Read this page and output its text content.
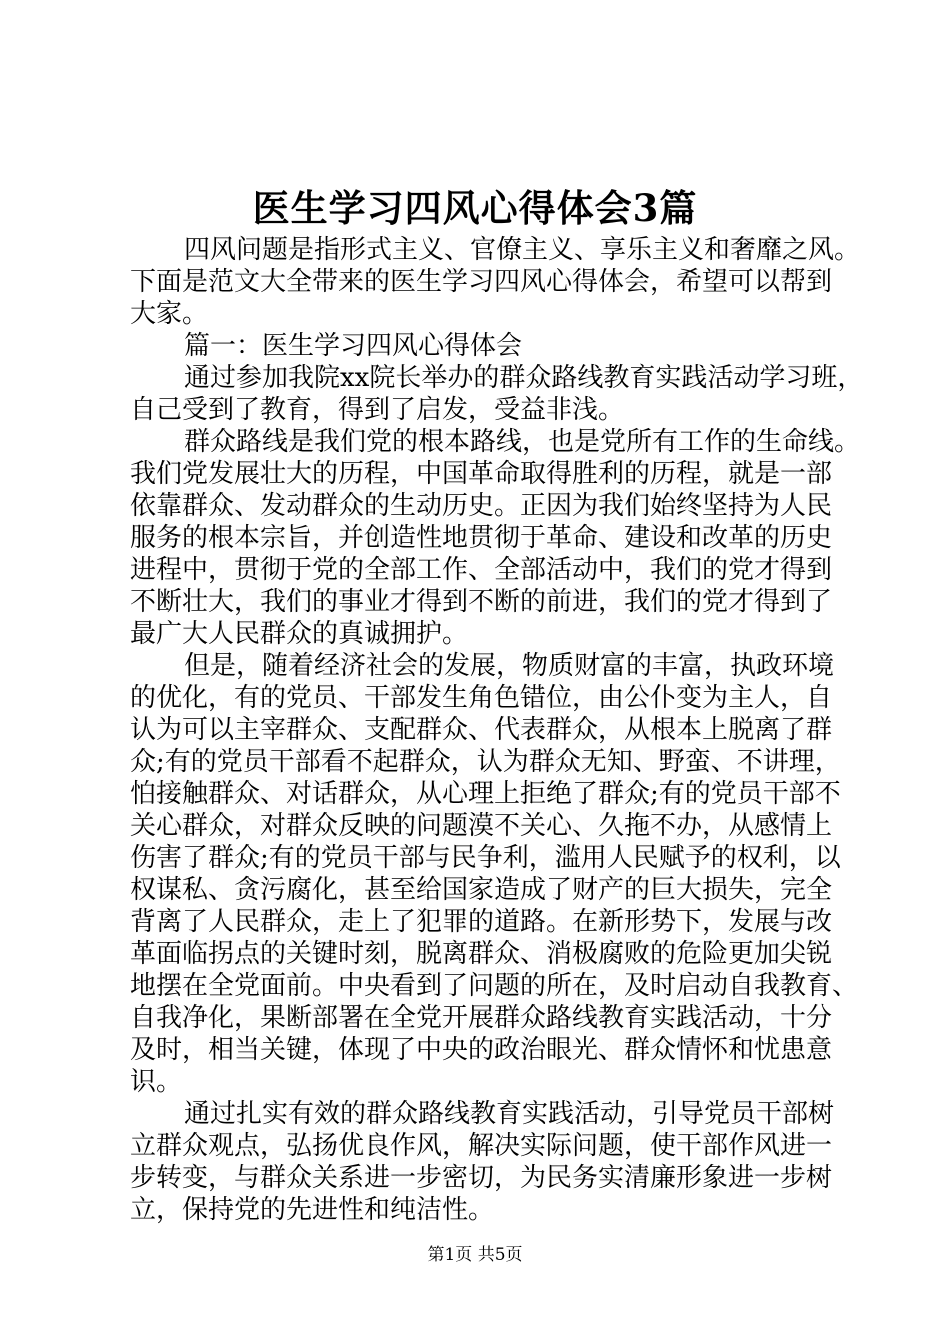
医生学习四风心得体会3篇
四风问题是指形式主义、官僚主义、享乐主义和奢靡之风。
下面是范文大全带来的医生学习四风心得体会，希望可以帮到
大家。
篇一：医生学习四风心得体会
通过参加我院xx院长举办的群众路线教育实践活动学习班，
自己受到了教育，得到了启发，受益非浅。
群众路线是我们党的根本路线，也是党所有工作的生命线。
我们党发展壮大的历程，中国革命取得胜利的历程，就是一部
依靠群众、发动群众的生动历史。正因为我们始终坚持为人民
服务的根本宗旨，并创造性地贯彻于革命、建设和改革的历史
进程中，贯彻于党的全部工作、全部活动中，我们的党才得到
不断壮大，我们的事业才得到不断的前进，我们的党才得到了
最广大人民群众的真诚拥护。
但是，随着经济社会的发展，物质财富的丰富，执政环境
的优化，有的党员、干部发生角色错位，由公仆变为主人，自
认为可以主宰群众、支配群众、代表群众，从根本上脱离了群
众;有的党员干部看不起群众，认为群众无知、野蛮、不讲理，
怕接触群众、对话群众，从心理上拒绝了群众;有的党员干部不
关心群众，对群众反映的问题漠不关心、久拖不办，从感情上
伤害了群众;有的党员干部与民争利，滥用人民赋予的权利，以
权谋私、贪污腐化，甚至给国家造成了财产的巨大损失，完全
背离了人民群众，走上了犯罪的道路。在新形势下，发展与改
革面临拐点的关键时刻，脱离群众、消极腐败的危险更加尖锐
地摆在全党面前。中央看到了问题的所在，及时启动自我教育、
自我净化，果断部署在全党开展群众路线教育实践活动，十分
及时，相当关键，体现了中央的政治眼光、群众情怀和忧患意
识。
通过扎实有效的群众路线教育实践活动，引导党员干部树
立群众观点，弘扬优良作风，解决实际问题，使干部作风进一
步转变，与群众关系进一步密切，为民务实清廉形象进一步树
立，保持党的先进性和纯洁性。
第1页 共5页
